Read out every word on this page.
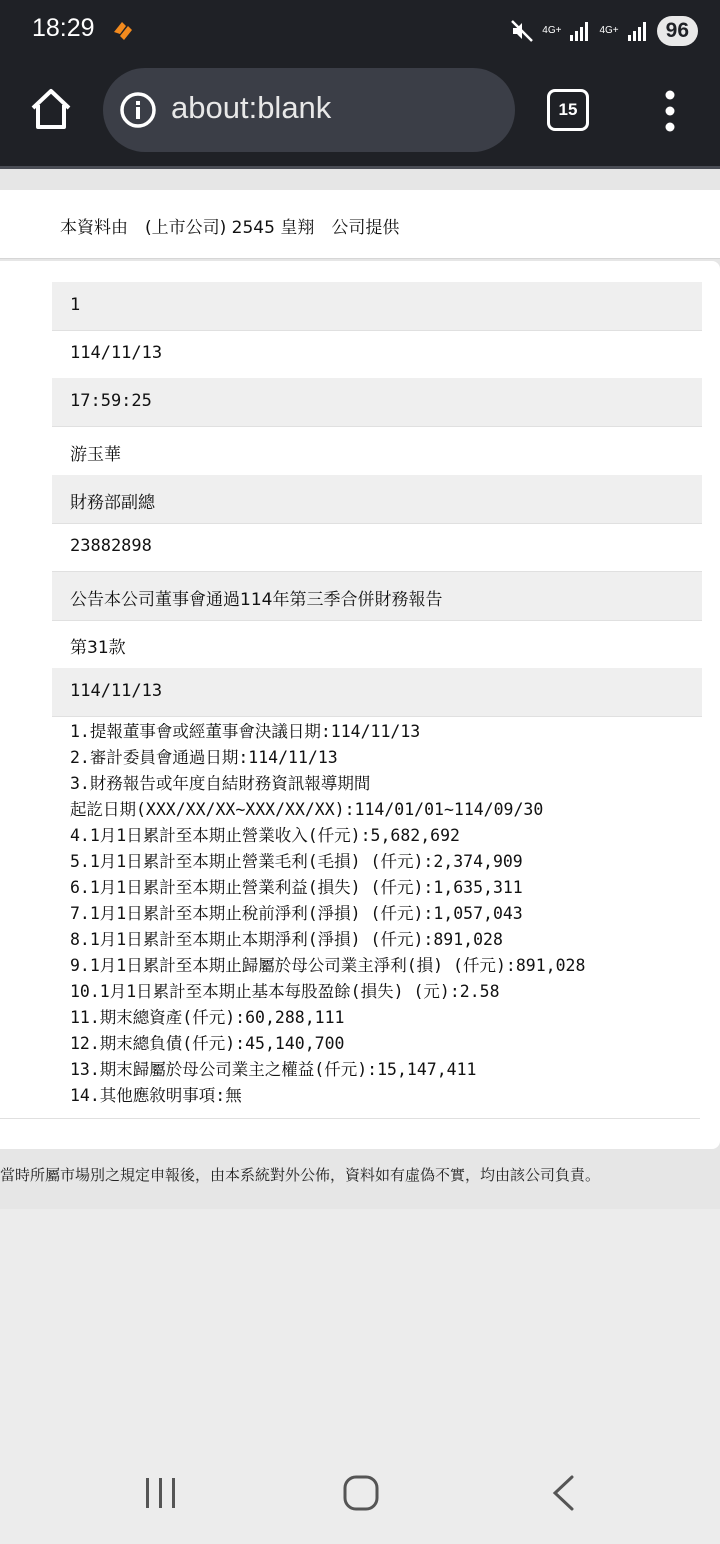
18:29	4G+	4G+	96
about:blank	15
本資料由　(上市公司) 2545 皇翔　公司提供
1
114/11/13
17:59:25
游玉華
財務部副總
23882898
公告本公司董事會通過114年第三季合併財務報告
第31款
114/11/13
1.提報董事會或經董事會決議日期:114/11/13
2.審計委員會通過日期:114/11/13
3.財務報告或年度自結財務資訊報導期間
起訖日期(XXX/XX/XX~XXX/XX/XX):114/01/01~114/09/30
4.1月1日累計至本期止營業收入(仟元):5,682,692
5.1月1日累計至本期止營業毛利(毛損) (仟元):2,374,909
6.1月1日累計至本期止營業利益(損失) (仟元):1,635,311
7.1月1日累計至本期止稅前淨利(淨損) (仟元):1,057,043
8.1月1日累計至本期止本期淨利(淨損) (仟元):891,028
9.1月1日累計至本期止歸屬於母公司業主淨利(損) (仟元):891,028
10.1月1日累計至本期止基本每股盈餘(損失) (元):2.58
11.期末總資產(仟元):60,288,111
12.期末總負債(仟元):45,140,700
13.期末歸屬於母公司業主之權益(仟元):15,147,411
14.其他應敘明事項:無
當時所屬市場別之規定申報後，由本系統對外公佈，資料如有虛偽不實，均由該公司負責。
